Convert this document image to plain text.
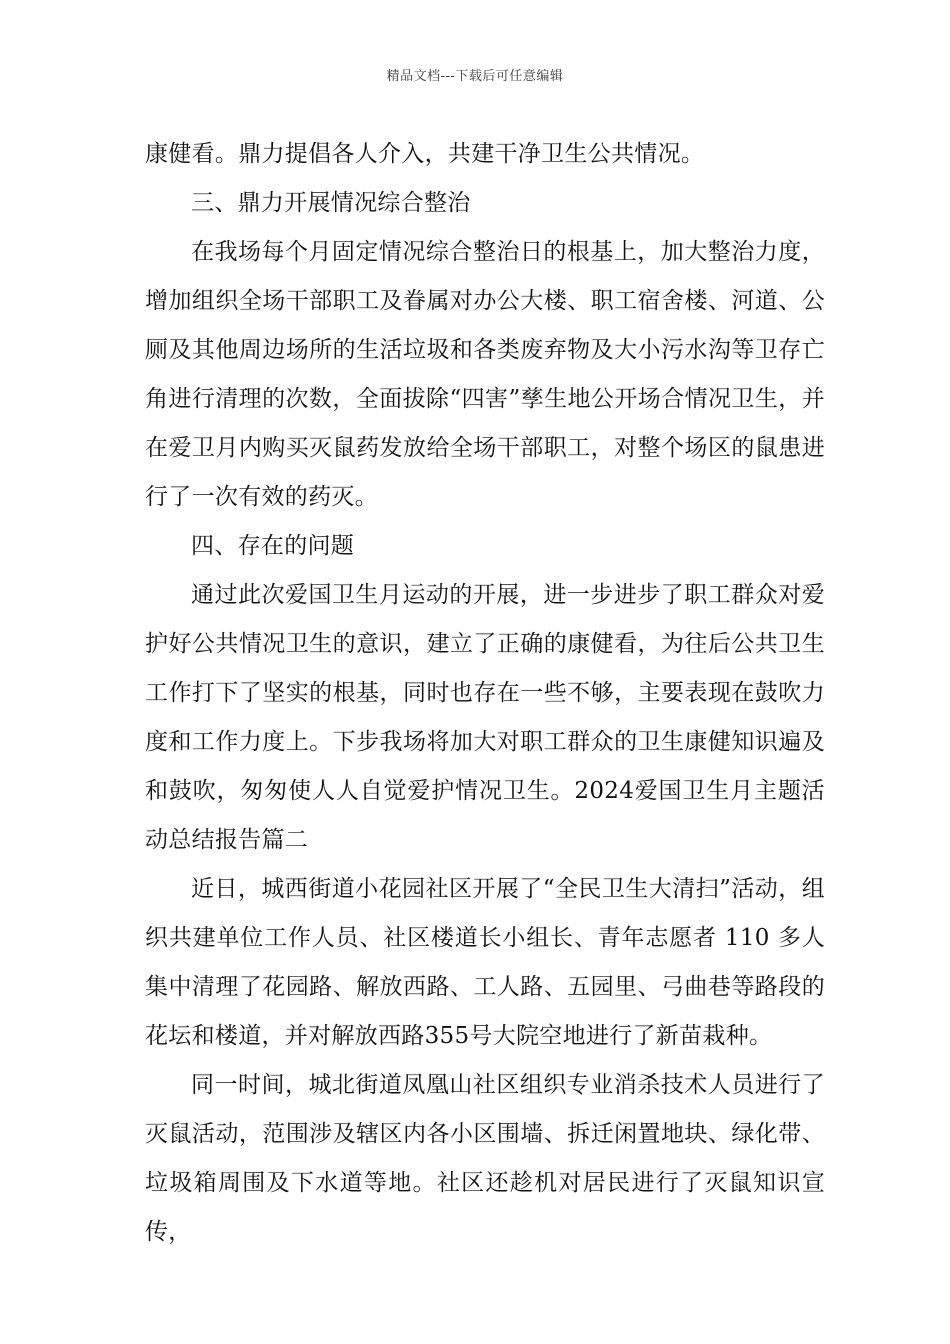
精品文档---下载后可任意编辑

康健看。鼎力提倡各人介入，共建干净卫生公共情况。

三、鼎力开展情况综合整治

在我场每个月固定情况综合整治日的根基上，加大整治力度，增加组织全场干部职工及眷属对办公大楼、职工宿舍楼、河道、公厕及其他周边场所的生活垃圾和各类废弃物及大小污水沟等卫存亡角进行清理的次数，全面拔除“四害”孳生地公开场合情况卫生，并在爱卫月内购买灭鼠药发放给全场干部职工，对整个场区的鼠患进行了一次有效的药灭。

四、存在的问题

通过此次爱国卫生月运动的开展，进一步进步了职工群众对爱护好公共情况卫生的意识，建立了正确的康健看，为往后公共卫生工作打下了坚实的根基，同时也存在一些不够，主要表现在鼓吹力度和工作力度上。下步我场将加大对职工群众的卫生康健知识遍及和鼓吹，匆匆使人人自觉爱护情况卫生。2024爱国卫生月主题活动总结报告篇二

近日，城西街道小花园社区开展了“全民卫生大清扫”活动，组织共建单位工作人员、社区楼道长小组长、青年志愿者 110 多人集中清理了花园路、解放西路、工人路、五园里、弓曲巷等路段的花坛和楼道，并对解放西路355号大院空地进行了新苗栽种。

同一时间，城北街道凤凰山社区组织专业消杀技术人员进行了灭鼠活动，范围涉及辖区内各小区围墙、拆迁闲置地块、绿化带、垃圾箱周围及下水道等地。社区还趁机对居民进行了灭鼠知识宣传，
